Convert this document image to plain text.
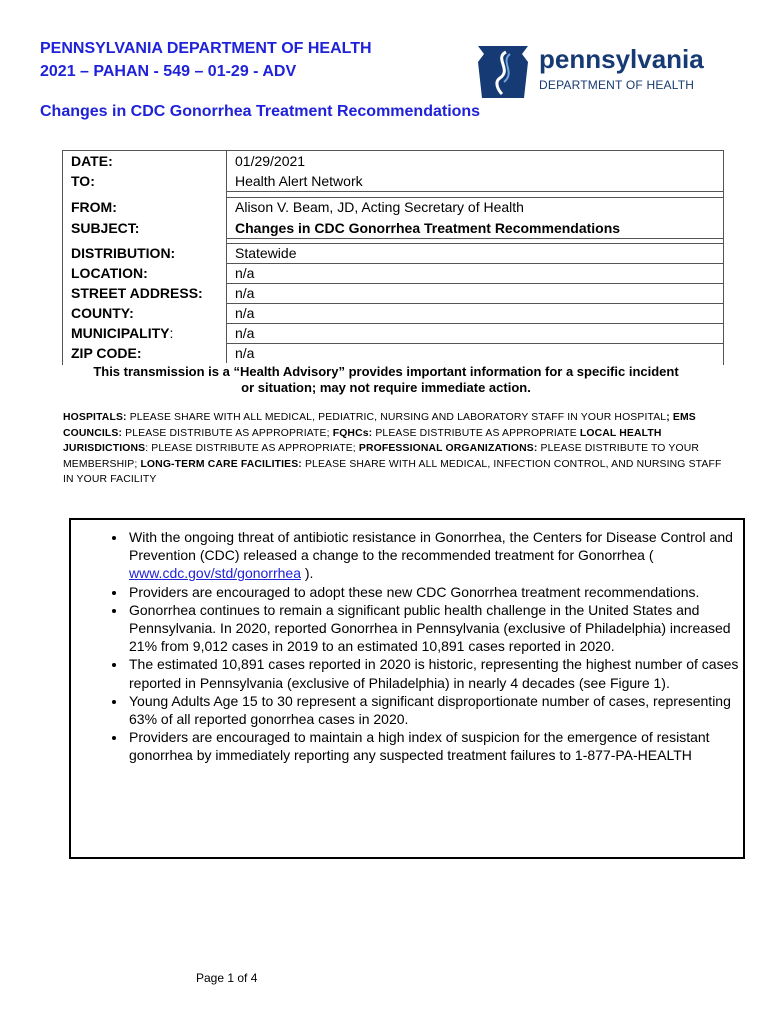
PENNSYLVANIA DEPARTMENT OF HEALTH
2021 – PAHAN - 549 – 01-29 - ADV	pennsylvania
DEPARTMENT OF HEALTH
Changes in CDC Gonorrhea Treatment Recommendations
DATE:	01/29/2021
TO:	Health Alert Network
FROM:	Alison V. Beam, JD, Acting Secretary of Health
SUBJECT:	Changes in CDC Gonorrhea Treatment Recommendations
DISTRIBUTION:	Statewide
LOCATION:	n/a
STREET ADDRESS: n/a
COUNTY:	n/a
MUNICIPALITY:	n/a
ZIP CODE:	n/a
This transmission is a “Health Advisory” provides important information for a specific incident
or situation; may not require immediate action.
HOSPITALS: PLEASE SHARE WITH ALL MEDICAL, PEDIATRIC, NURSING AND LABORATORY STAFF IN YOUR HOSPITAL; EMS COUNCILS: PLEASE DISTRIBUTE AS APPROPRIATE; FQHCs: PLEASE DISTRIBUTE AS APPROPRIATE LOCAL HEALTH JURISDICTIONS: PLEASE DISTRIBUTE AS APPROPRIATE; PROFESSIONAL ORGANIZATIONS: PLEASE DISTRIBUTE TO YOUR MEMBERSHIP; LONG-TERM CARE FACILITIES: PLEASE SHARE WITH ALL MEDICAL, INFECTION CONTROL, AND NURSING STAFF IN YOUR FACILITY
• With the ongoing threat of antibiotic resistance in Gonorrhea, the Centers for Disease Control and Prevention (CDC) released a change to the recommended treatment for Gonorrhea ( www.cdc.gov/std/gonorrhea ).
• Providers are encouraged to adopt these new CDC Gonorrhea treatment recommendations.
• Gonorrhea continues to remain a significant public health challenge in the United States and Pennsylvania. In 2020, reported Gonorrhea in Pennsylvania (exclusive of Philadelphia) increased 21% from 9,012 cases in 2019 to an estimated 10,891 cases reported in 2020.
• The estimated 10,891 cases reported in 2020 is historic, representing the highest number of cases reported in Pennsylvania (exclusive of Philadelphia) in nearly 4 decades (see Figure 1).
• Young Adults Age 15 to 30 represent a significant disproportionate number of cases, representing 63% of all reported gonorrhea cases in 2020.
• Providers are encouraged to maintain a high index of suspicion for the emergence of resistant gonorrhea by immediately reporting any suspected treatment failures to 1-877-PA-HEALTH
Page 1 of 4
